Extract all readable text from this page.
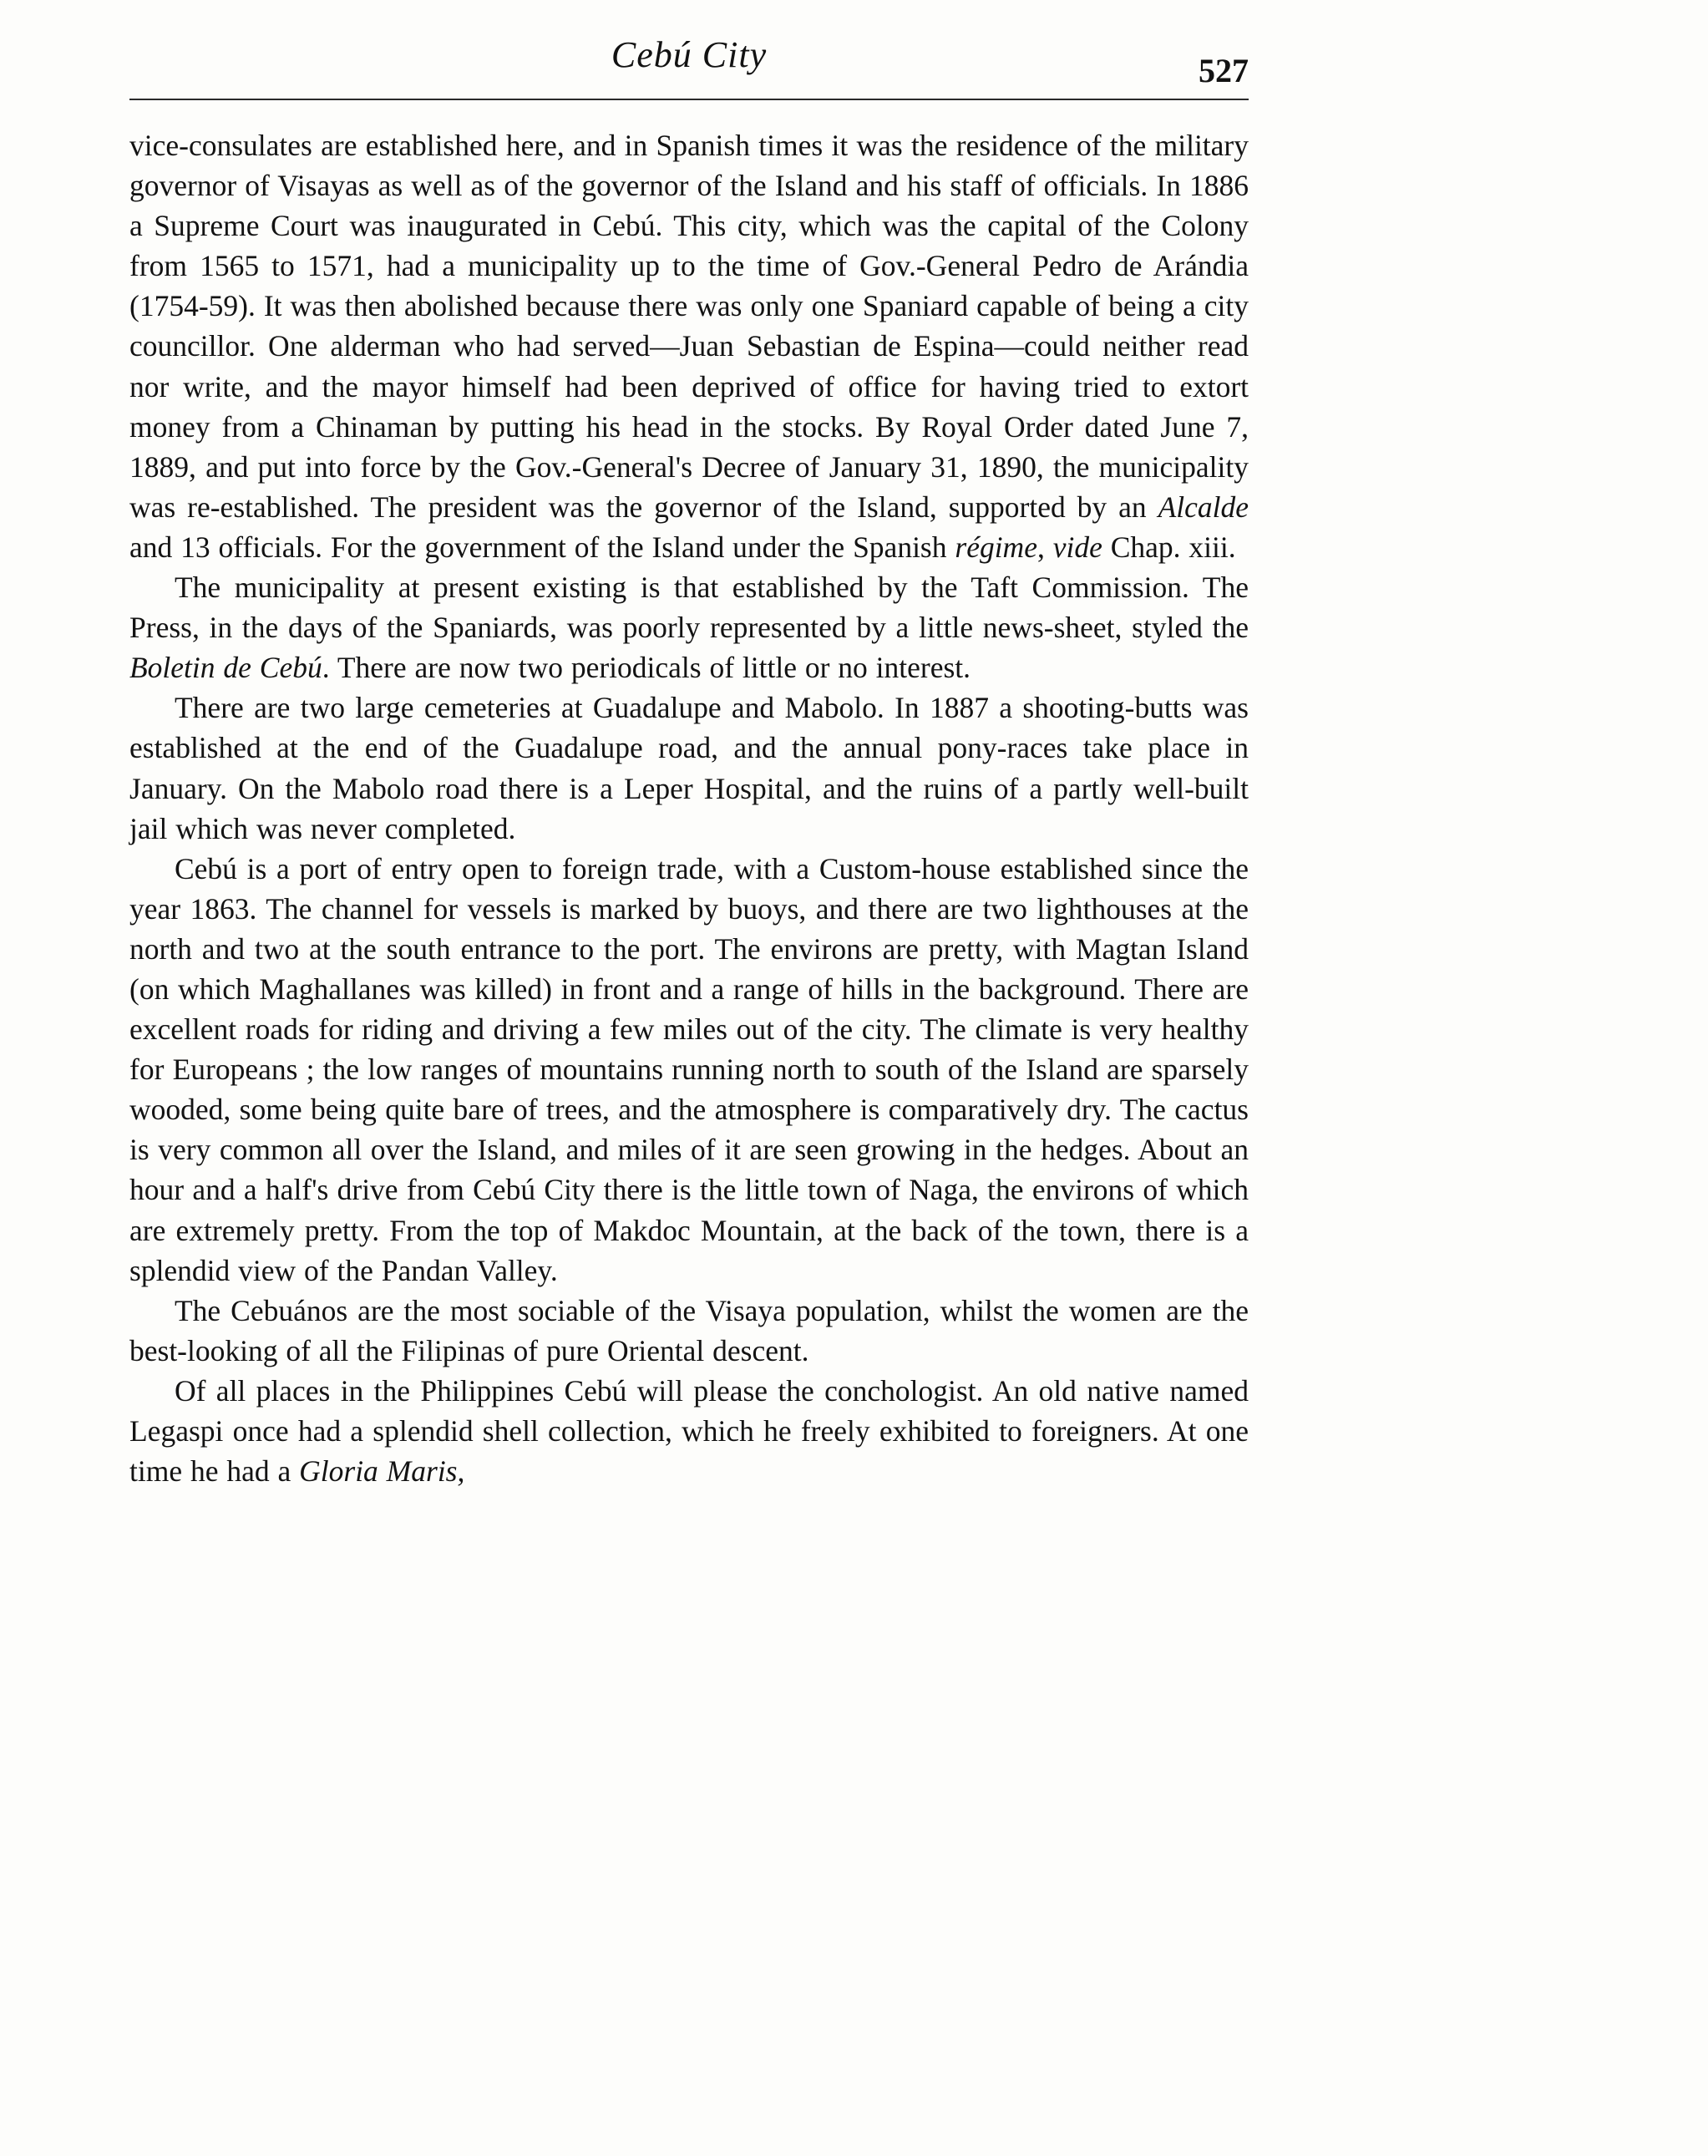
Cebú City	527

vice-consulates are established here, and in Spanish times it was the residence of the military governor of Visayas as well as of the governor of the Island and his staff of officials. In 1886 a Supreme Court was inaugurated in Cebú. This city, which was the capital of the Colony from 1565 to 1571, had a municipality up to the time of Gov.-General Pedro de Arándia (1754-59). It was then abolished because there was only one Spaniard capable of being a city councillor. One alderman who had served—Juan Sebastian de Espina—could neither read nor write, and the mayor himself had been deprived of office for having tried to extort money from a Chinaman by putting his head in the stocks. By Royal Order dated June 7, 1889, and put into force by the Gov.-General's Decree of January 31, 1890, the municipality was re-established. The president was the governor of the Island, supported by an Alcalde and 13 officials. For the government of the Island under the Spanish régime, vide Chap. xiii.

The municipality at present existing is that established by the Taft Commission. The Press, in the days of the Spaniards, was poorly represented by a little news-sheet, styled the Boletin de Cebú. There are now two periodicals of little or no interest.

There are two large cemeteries at Guadalupe and Mabolo. In 1887 a shooting-butts was established at the end of the Guadalupe road, and the annual pony-races take place in January. On the Mabolo road there is a Leper Hospital, and the ruins of a partly well-built jail which was never completed.

Cebú is a port of entry open to foreign trade, with a Custom-house established since the year 1863. The channel for vessels is marked by buoys, and there are two lighthouses at the north and two at the south entrance to the port. The environs are pretty, with Magtan Island (on which Maghallanes was killed) in front and a range of hills in the background. There are excellent roads for riding and driving a few miles out of the city. The climate is very healthy for Europeans ; the low ranges of mountains running north to south of the Island are sparsely wooded, some being quite bare of trees, and the atmosphere is comparatively dry. The cactus is very common all over the Island, and miles of it are seen growing in the hedges. About an hour and a half's drive from Cebú City there is the little town of Naga, the environs of which are extremely pretty. From the top of Makdoc Mountain, at the back of the town, there is a splendid view of the Pandan Valley.

The Cebuános are the most sociable of the Visaya population, whilst the women are the best-looking of all the Filipinas of pure Oriental descent.

Of all places in the Philippines Cebú will please the conchologist. An old native named Legaspi once had a splendid shell collection, which he freely exhibited to foreigners. At one time he had a Gloria Maris,
